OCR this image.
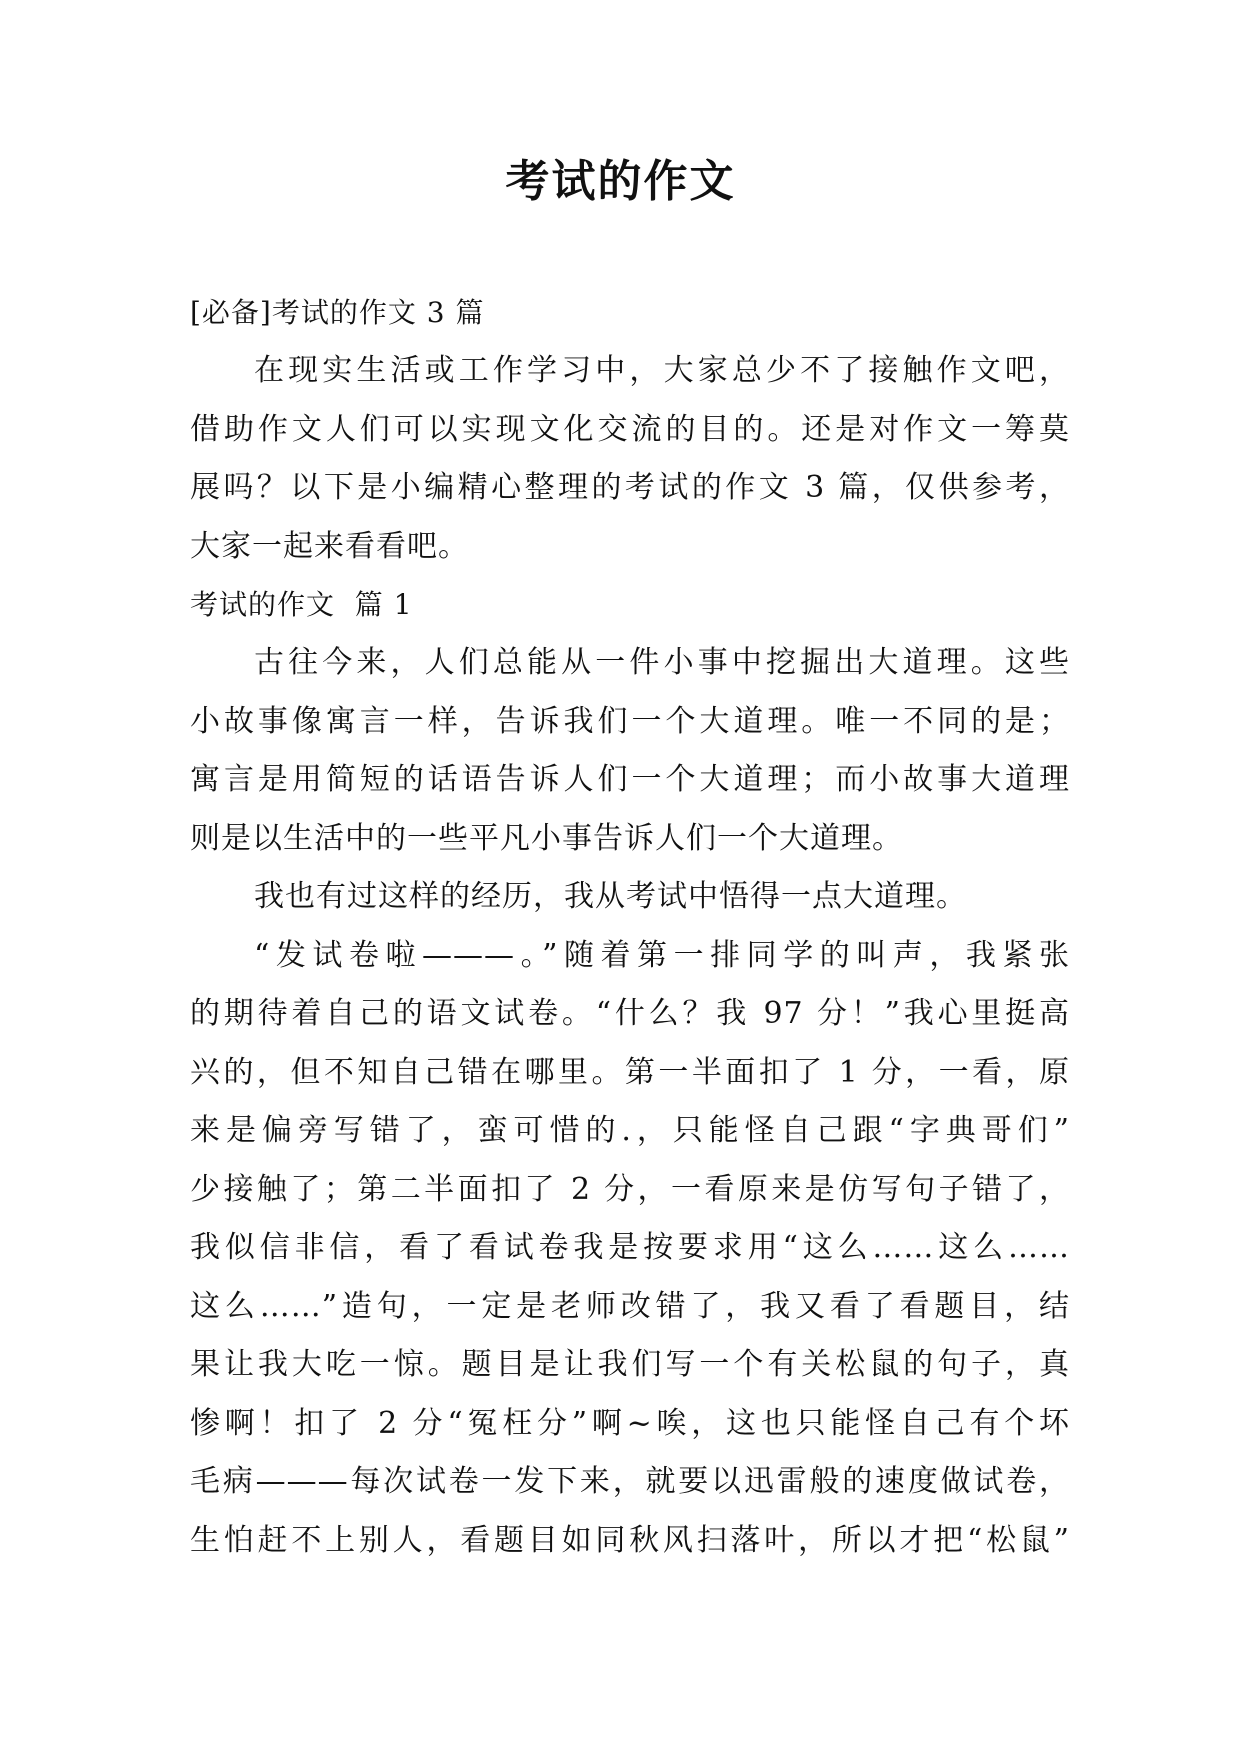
考试的作文
[必备]考试的作文 3 篇
在现实生活或工作学习中，大家总少不了接触作文吧，
借助作文人们可以实现文化交流的目的。还是对作文一筹莫
展吗？以下是小编精心整理的考试的作文 3 篇，仅供参考，
大家一起来看看吧。
考试的作文  篇 1
古往今来，人们总能从一件小事中挖掘出大道理。这些
小故事像寓言一样，告诉我们一个大道理。唯一不同的是；
寓言是用简短的话语告诉人们一个大道理；而小故事大道理
则是以生活中的一些平凡小事告诉人们一个大道理。
我也有过这样的经历，我从考试中悟得一点大道理。
“发试卷啦———。”随着第一排同学的叫声，我紧张
的期待着自己的语文试卷。“什么？我 97 分！”我心里挺高
兴的，但不知自己错在哪里。第一半面扣了 1 分，一看，原
来是偏旁写错了，蛮可惜的.，只能怪自己跟“字典哥们”
少接触了；第二半面扣了 2 分，一看原来是仿写句子错了，
我似信非信，看了看试卷我是按要求用“这么……这么……
这么……”造句，一定是老师改错了，我又看了看题目，结
果让我大吃一惊。题目是让我们写一个有关松鼠的句子，真
惨啊！扣了 2 分“冤枉分”啊~唉，这也只能怪自己有个坏
毛病———每次试卷一发下来，就要以迅雷般的速度做试卷，
生怕赶不上别人，看题目如同秋风扫落叶，所以才把“松鼠”
